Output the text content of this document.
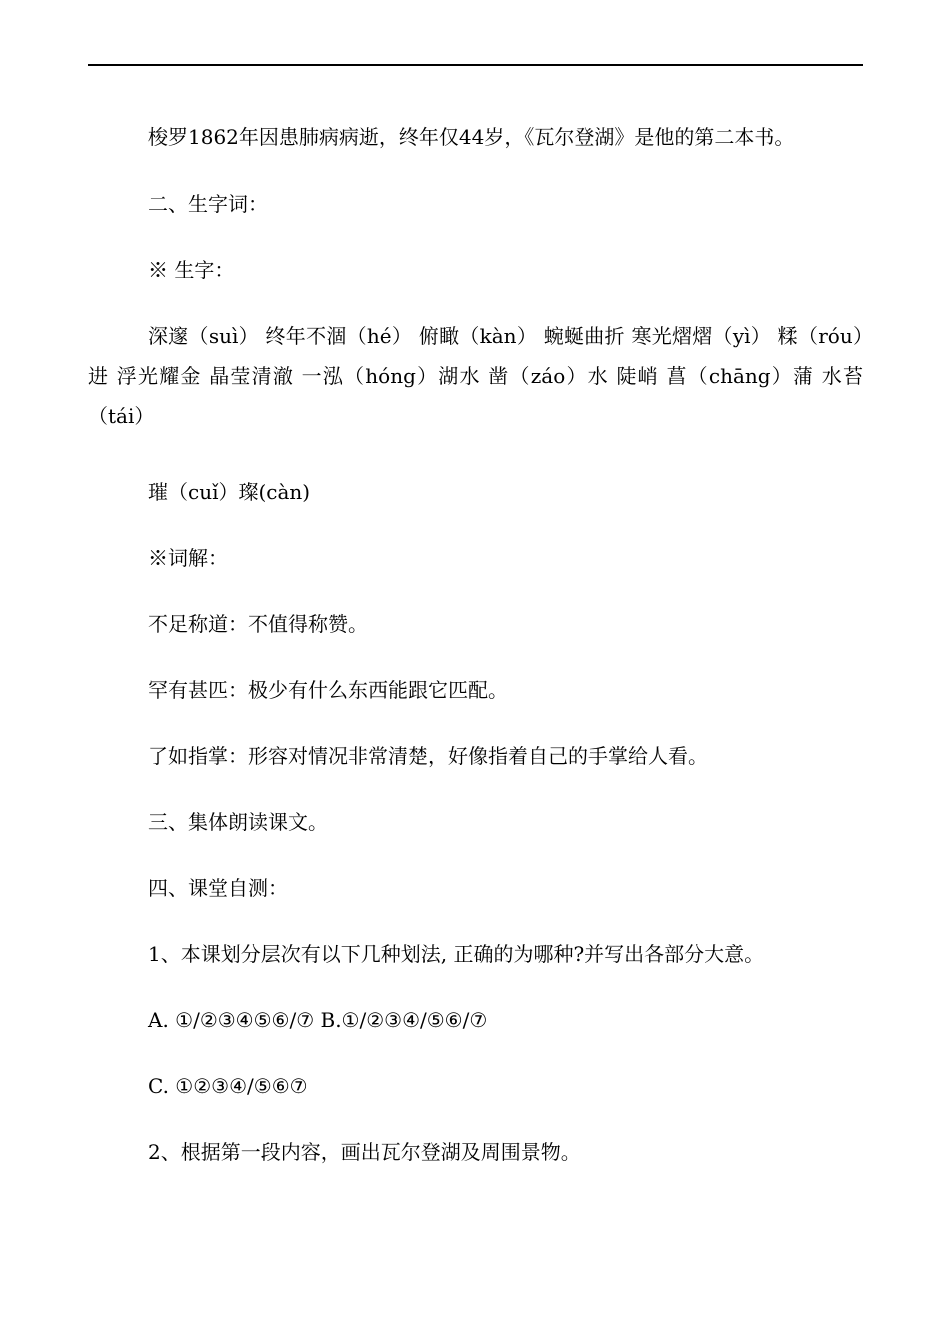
梭罗1862年因患肺病病逝，终年仅44岁，《瓦尔登湖》是他的第二本书。
二、生字词：
※ 生字：
深邃（suì） 终年不涸（hé） 俯瞰（kàn） 蜿蜒曲折 寒光熠熠（yì） 糅（róu）进 浮光耀金 晶莹清澈 一泓（hóng）湖水 凿（záo）水 陡峭 菖（chāng）蒲 水苔（tái）
璀（cuǐ）璨(càn)
※词解：
不足称道：不值得称赞。
罕有甚匹：极少有什么东西能跟它匹配。
了如指掌：形容对情况非常清楚，好像指着自己的手掌给人看。
三、集体朗读课文。
四、课堂自测：
1、本课划分层次有以下几种划法, 正确的为哪种?并写出各部分大意。
A. ①/②③④⑤⑥/⑦ B.①/②③④/⑤⑥/⑦
C. ①②③④/⑤⑥⑦
2、根据第一段内容，画出瓦尔登湖及周围景物。
